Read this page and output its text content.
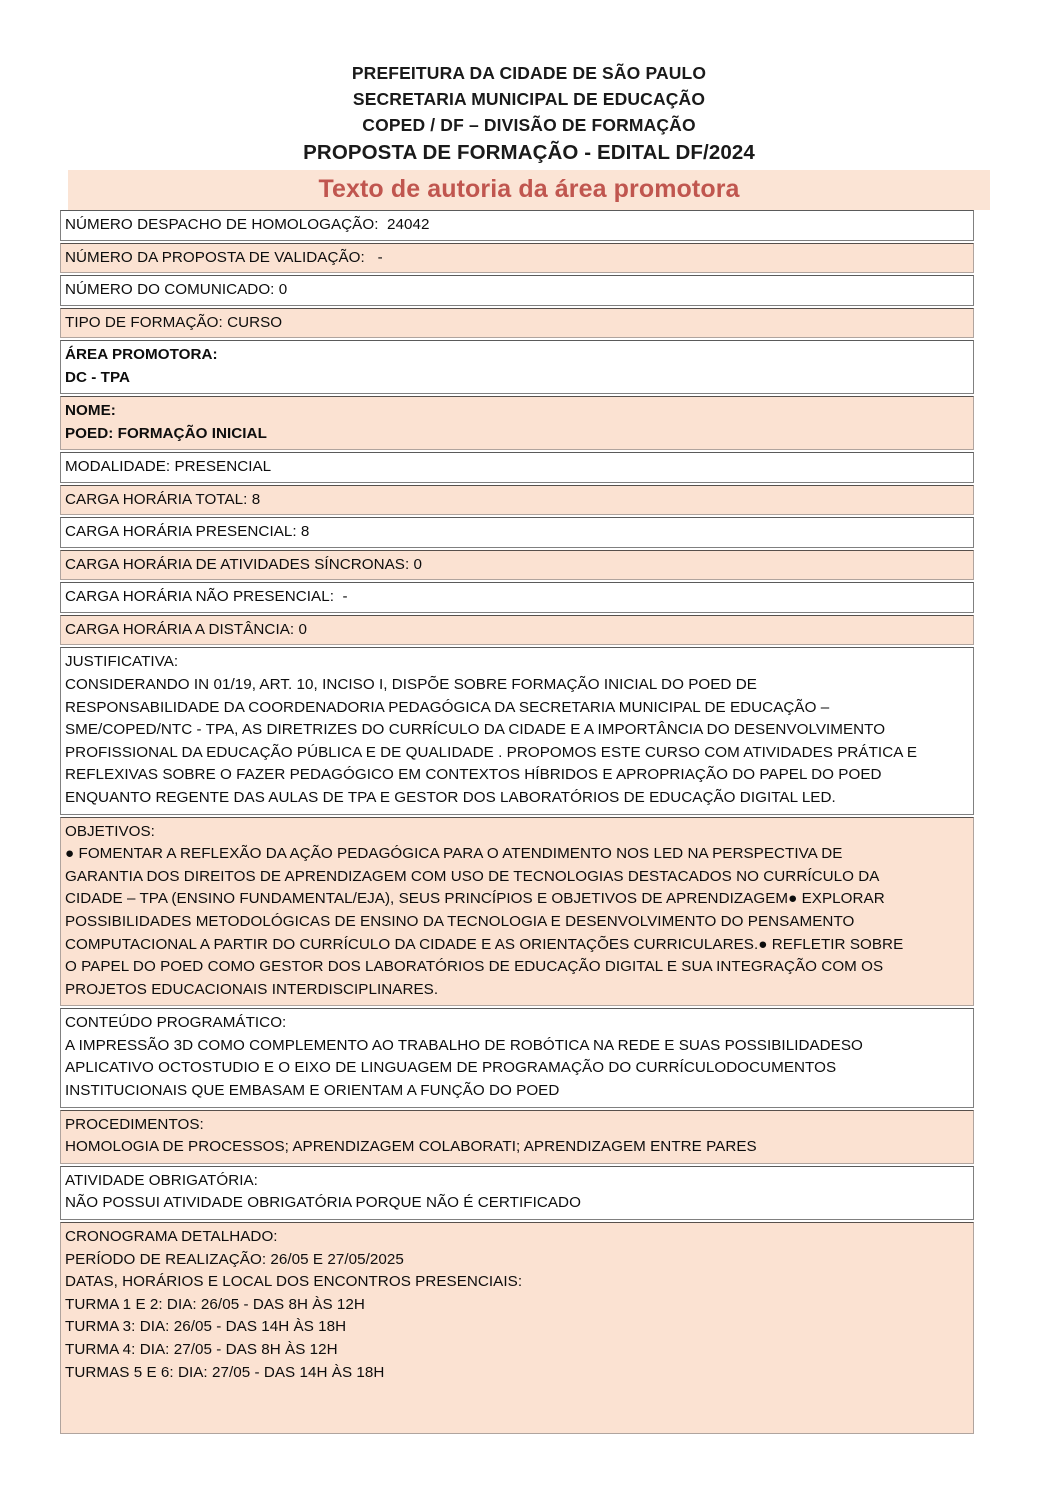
PREFEITURA DA CIDADE DE SÃO PAULO
SECRETARIA MUNICIPAL DE EDUCAÇÃO
COPED / DF – DIVISÃO DE FORMAÇÃO
PROPOSTA DE FORMAÇÃO - EDITAL DF/2024
Texto de autoria da área promotora
NÚMERO DESPACHO DE HOMOLOGAÇÃO:  24042
NÚMERO DA PROPOSTA DE VALIDAÇÃO:   -
NÚMERO DO COMUNICADO: 0
TIPO DE FORMAÇÃO: CURSO
ÁREA PROMOTORA:
DC - TPA
NOME:
POED: FORMAÇÃO INICIAL
MODALIDADE: PRESENCIAL
CARGA HORÁRIA TOTAL: 8
CARGA HORÁRIA PRESENCIAL: 8
CARGA HORÁRIA DE ATIVIDADES SÍNCRONAS: 0
CARGA HORÁRIA NÃO PRESENCIAL:  -
CARGA HORÁRIA A DISTÂNCIA: 0
JUSTIFICATIVA:
CONSIDERANDO IN 01/19, ART. 10, INCISO I, DISPÕE SOBRE FORMAÇÃO INICIAL DO POED DE
RESPONSABILIDADE DA COORDENADORIA PEDAGÓGICA DA SECRETARIA MUNICIPAL DE EDUCAÇÃO –
SME/COPED/NTC - TPA, AS DIRETRIZES DO CURRÍCULO DA CIDADE E A IMPORTÂNCIA DO DESENVOLVIMENTO
PROFISSIONAL DA EDUCAÇÃO PÚBLICA E DE QUALIDADE . PROPOMOS ESTE CURSO COM ATIVIDADES PRÁTICA E
REFLEXIVAS SOBRE O FAZER PEDAGÓGICO EM CONTEXTOS HÍBRIDOS E APROPRIAÇÃO DO PAPEL DO POED
ENQUANTO REGENTE DAS AULAS DE TPA E GESTOR DOS LABORATÓRIOS DE EDUCAÇÃO DIGITAL LED.
OBJETIVOS:
● FOMENTAR A REFLEXÃO DA AÇÃO PEDAGÓGICA PARA O ATENDIMENTO NOS LED NA PERSPECTIVA DE
GARANTIA DOS DIREITOS DE APRENDIZAGEM COM USO DE TECNOLOGIAS DESTACADOS NO CURRÍCULO DA
CIDADE – TPA (ENSINO FUNDAMENTAL/EJA), SEUS PRINCÍPIOS E OBJETIVOS DE APRENDIZAGEM● EXPLORAR
POSSIBILIDADES METODOLÓGICAS DE ENSINO DA TECNOLOGIA E DESENVOLVIMENTO DO PENSAMENTO
COMPUTACIONAL A PARTIR DO CURRÍCULO DA CIDADE E AS ORIENTAÇÕES CURRICULARES.● REFLETIR SOBRE
O PAPEL DO POED COMO GESTOR DOS LABORATÓRIOS DE EDUCAÇÃO DIGITAL E SUA INTEGRAÇÃO COM OS
PROJETOS EDUCACIONAIS INTERDISCIPLINARES.
CONTEÚDO PROGRAMÁTICO:
A IMPRESSÃO 3D COMO COMPLEMENTO AO TRABALHO DE ROBÓTICA NA REDE E SUAS POSSIBILIDADESO
APLICATIVO OCTOSTUDIO E O EIXO DE LINGUAGEM DE PROGRAMAÇÃO DO CURRÍCULODOCUMENTOS
INSTITUCIONAIS QUE EMBASAM E ORIENTAM A FUNÇÃO DO POED
PROCEDIMENTOS:
HOMOLOGIA DE PROCESSOS; APRENDIZAGEM COLABORATI; APRENDIZAGEM ENTRE PARES
ATIVIDADE OBRIGATÓRIA:
NÃO POSSUI ATIVIDADE OBRIGATÓRIA PORQUE NÃO É CERTIFICADO
CRONOGRAMA DETALHADO:
PERÍODO DE REALIZAÇÃO: 26/05 E 27/05/2025
DATAS, HORÁRIOS E LOCAL DOS ENCONTROS PRESENCIAIS:
TURMA 1 E 2: DIA: 26/05 - DAS 8H ÀS 12H
TURMA 3: DIA: 26/05 - DAS 14H ÀS 18H
TURMA 4: DIA: 27/05 - DAS 8H ÀS 12H
TURMAS 5 E 6: DIA: 27/05 - DAS 14H ÀS 18H
